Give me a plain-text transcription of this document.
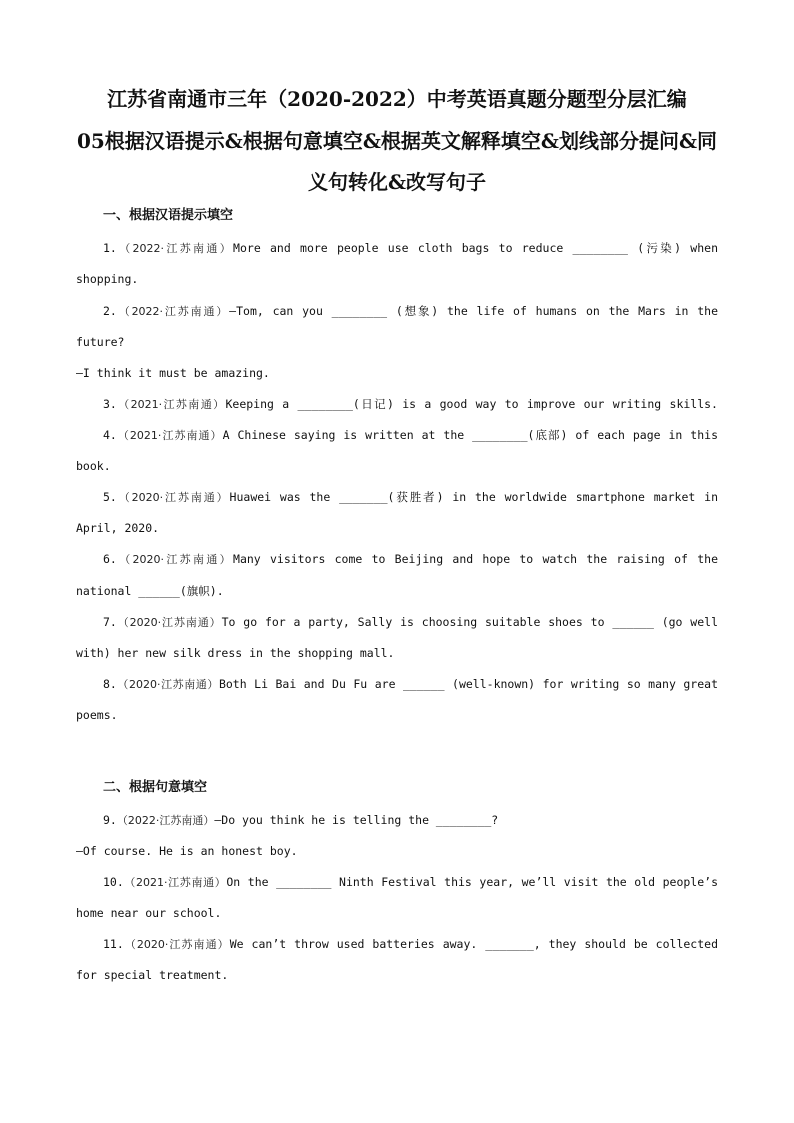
江苏省南通市三年（2020-2022）中考英语真题分题型分层汇编
05根据汉语提示&根据句意填空&根据英文解释填空&划线部分提问&同
义句转化&改写句子
一、根据汉语提示填空
1.（2022·江苏南通）More and more people use cloth bags to reduce ________ (污染) when
shopping.
2.（2022·江苏南通）—Tom, can you ________ (想象) the life of humans on the Mars in the
future?
—I think it must be amazing.
3.（2021·江苏南通）Keeping a ________(日记) is a good way to improve our writing skills.
4.（2021·江苏南通）A Chinese saying is written at the ________(底部) of each page in this
book.
5.（2020·江苏南通）Huawei was the _______(获胜者) in the worldwide smartphone market in
April, 2020.
6.（2020·江苏南通）Many visitors come to Beijing and hope to watch the raising of the
national ______(旗帜).
7.（2020·江苏南通）To go for a party, Sally is choosing suitable shoes to ______ (go well
with) her new silk dress in the shopping mall.
8.（2020·江苏南通）Both Li Bai and Du Fu are ______ (well-known) for writing so many great
poems.
二、根据句意填空
9.（2022·江苏南通）—Do you think he is telling the ________?
—Of course. He is an honest boy.
10.（2021·江苏南通）On the ________ Ninth Festival this year, we’ll visit the old people’s
home near our school.
11.（2020·江苏南通）We can’t throw used batteries away. _______, they should be collected
for special treatment.
